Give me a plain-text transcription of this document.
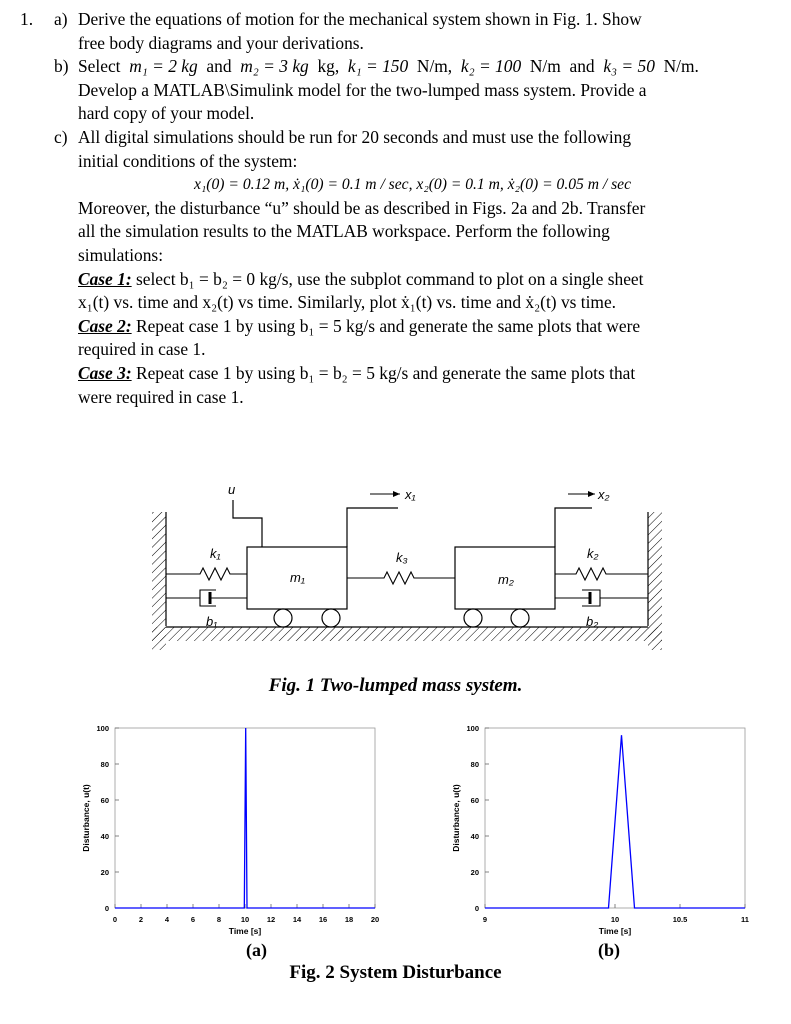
1.	a) Derive the equations of motion for the mechanical system shown in Fig. 1. Show
free body diagrams and your derivations.

b) Select m₁ = 2 kg and m₂ = 3 kg kg, k₁ = 150 N/m, k₂ = 100 N/m and k₃ = 50 N/m.
Develop a MATLAB\Simulink model for the two-lumped mass system. Provide a
hard copy of your model.

c) All digital simulations should be run for 20 seconds and must use the following
initial conditions of the system:

x₁(0) = 0.12 m, ẋ₁(0) = 0.1 m / sec, x₂(0) = 0.1 m, ẋ₂(0) = 0.05 m / sec

Moreover, the disturbance “u” should be as described in Figs. 2a and 2b. Transfer
all the simulation results to the MATLAB workspace. Perform the following
simulations:
Case 1: select b₁ = b₂ = 0 kg/s, use the subplot command to plot on a single sheet
x₁(t) vs. time and x₂(t) vs time. Similarly, plot ẋ₁(t) vs. time and ẋ₂(t) vs time.
Case 2: Repeat case 1 by using b₁ = 5 kg/s and generate the same plots that were
required in case 1.
Case 3: Repeat case 1 by using b₁ = b₂ = 5 kg/s and generate the same plots that
were required in case 1.

u	x₁	x₂
k₁	k₃	k₂
m₁	m₂
b₁	b₂
Fig. 1 Two-lumped mass system.
0
20
40
60
80
100
0	2	4	6	8	10 12 14 16 18 20
Time [s]
Disturbance, u(t)
0
20
40
60
80
100
9	10	10.5	11
Time [s]
Disturbance, u(t)
(a)	(b)
Fig. 2 System Disturbance
